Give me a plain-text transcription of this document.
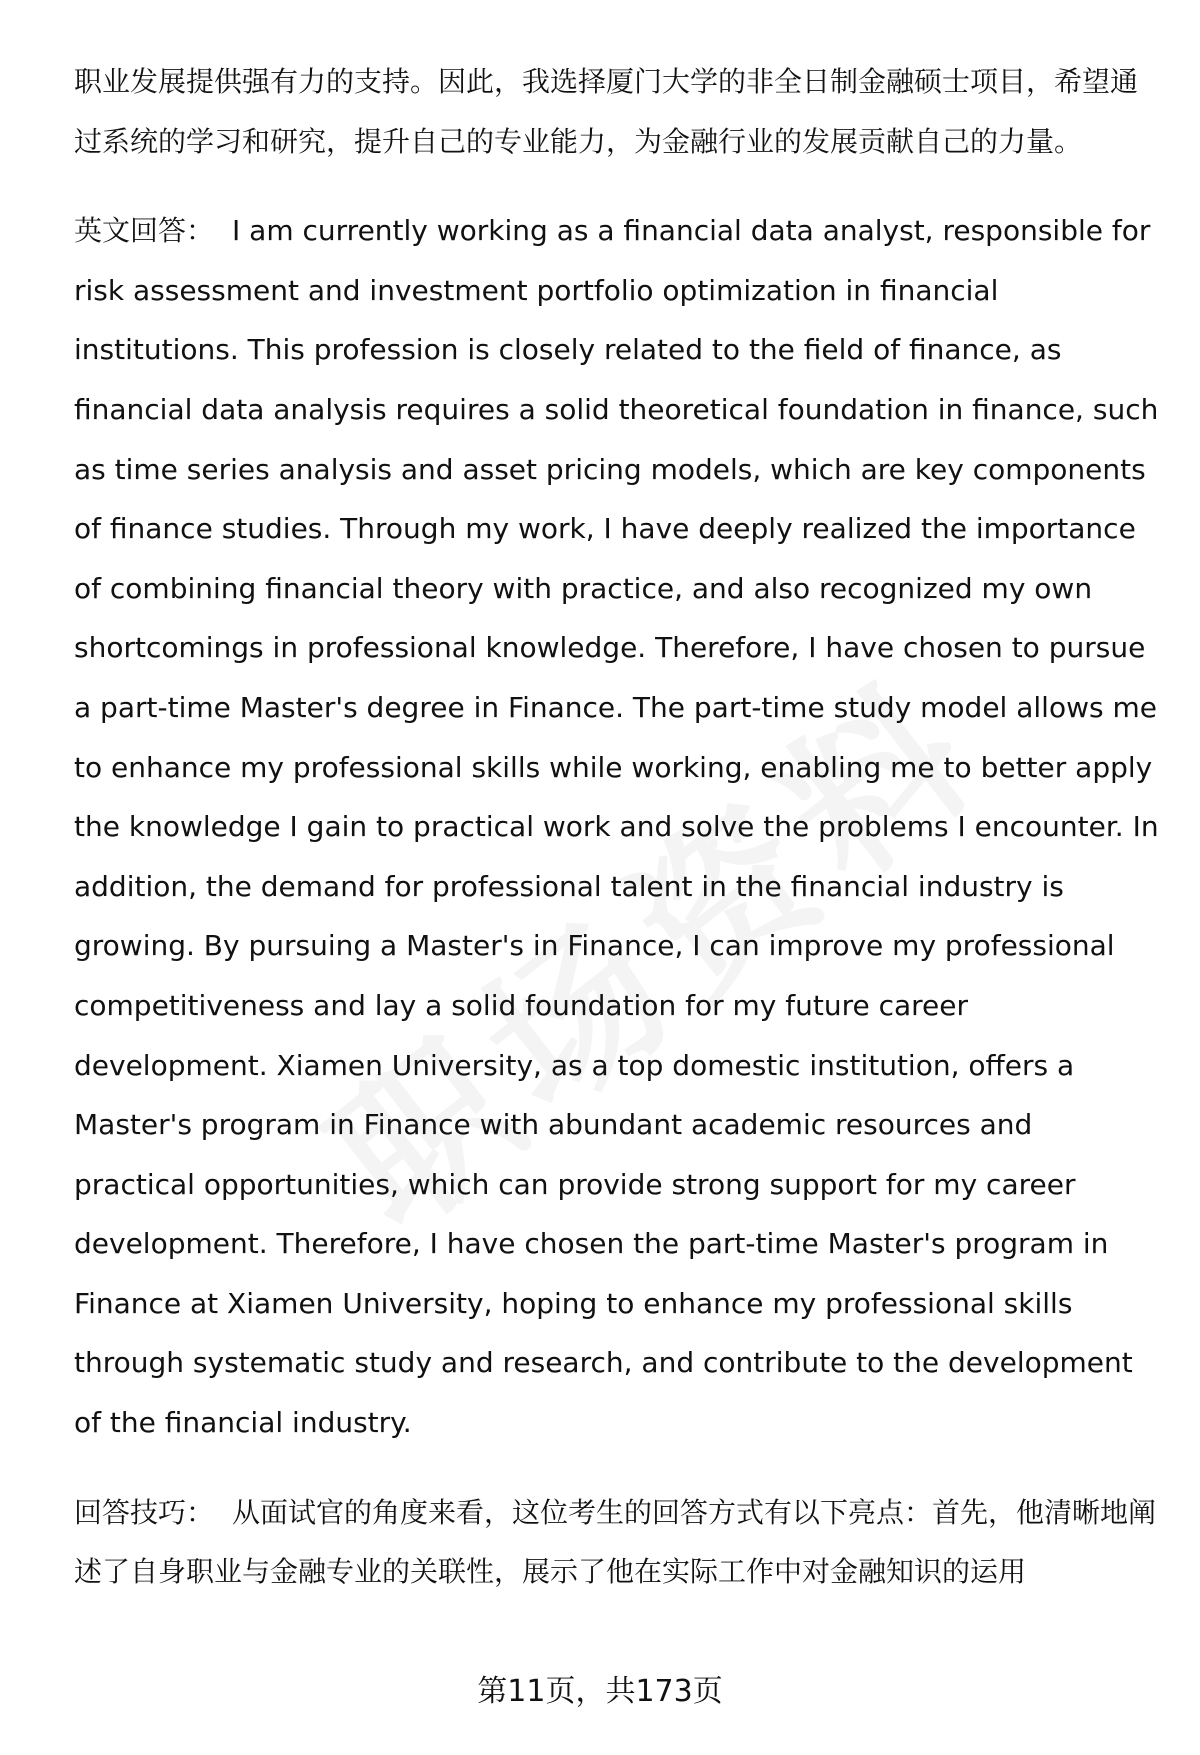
职业发展提供强有力的支持。因此，我选择厦门大学的非全日制金融硕士项目，希望通过系统的学习和研究，提升自己的专业能力，为金融行业的发展贡献自己的力量。

英文回答： I am currently working as a financial data analyst, responsible for risk assessment and investment portfolio optimization in financial institutions. This profession is closely related to the field of finance, as financial data analysis requires a solid theoretical foundation in finance, such as time series analysis and asset pricing models, which are key components of finance studies. Through my work, I have deeply realized the importance of combining financial theory with practice, and also recognized my own shortcomings in professional knowledge. Therefore, I have chosen to pursue a part-time Master's degree in Finance. The part-time study model allows me to enhance my professional skills while working, enabling me to better apply the knowledge I gain to practical work and solve the problems I encounter. In addition, the demand for professional talent in the financial industry is growing. By pursuing a Master's in Finance, I can improve my professional competitiveness and lay a solid foundation for my future career development. Xiamen University, as a top domestic institution, offers a Master's program in Finance with abundant academic resources and practical opportunities, which can provide strong support for my career development. Therefore, I have chosen the part-time Master's program in Finance at Xiamen University, hoping to enhance my professional skills through systematic study and research, and contribute to the development of the financial industry.

回答技巧： 从面试官的角度来看，这位考生的回答方式有以下亮点：首先，他清晰地阐述了自身职业与金融专业的关联性，展示了他在实际工作中对金融知识的运用

第11页，共173页
